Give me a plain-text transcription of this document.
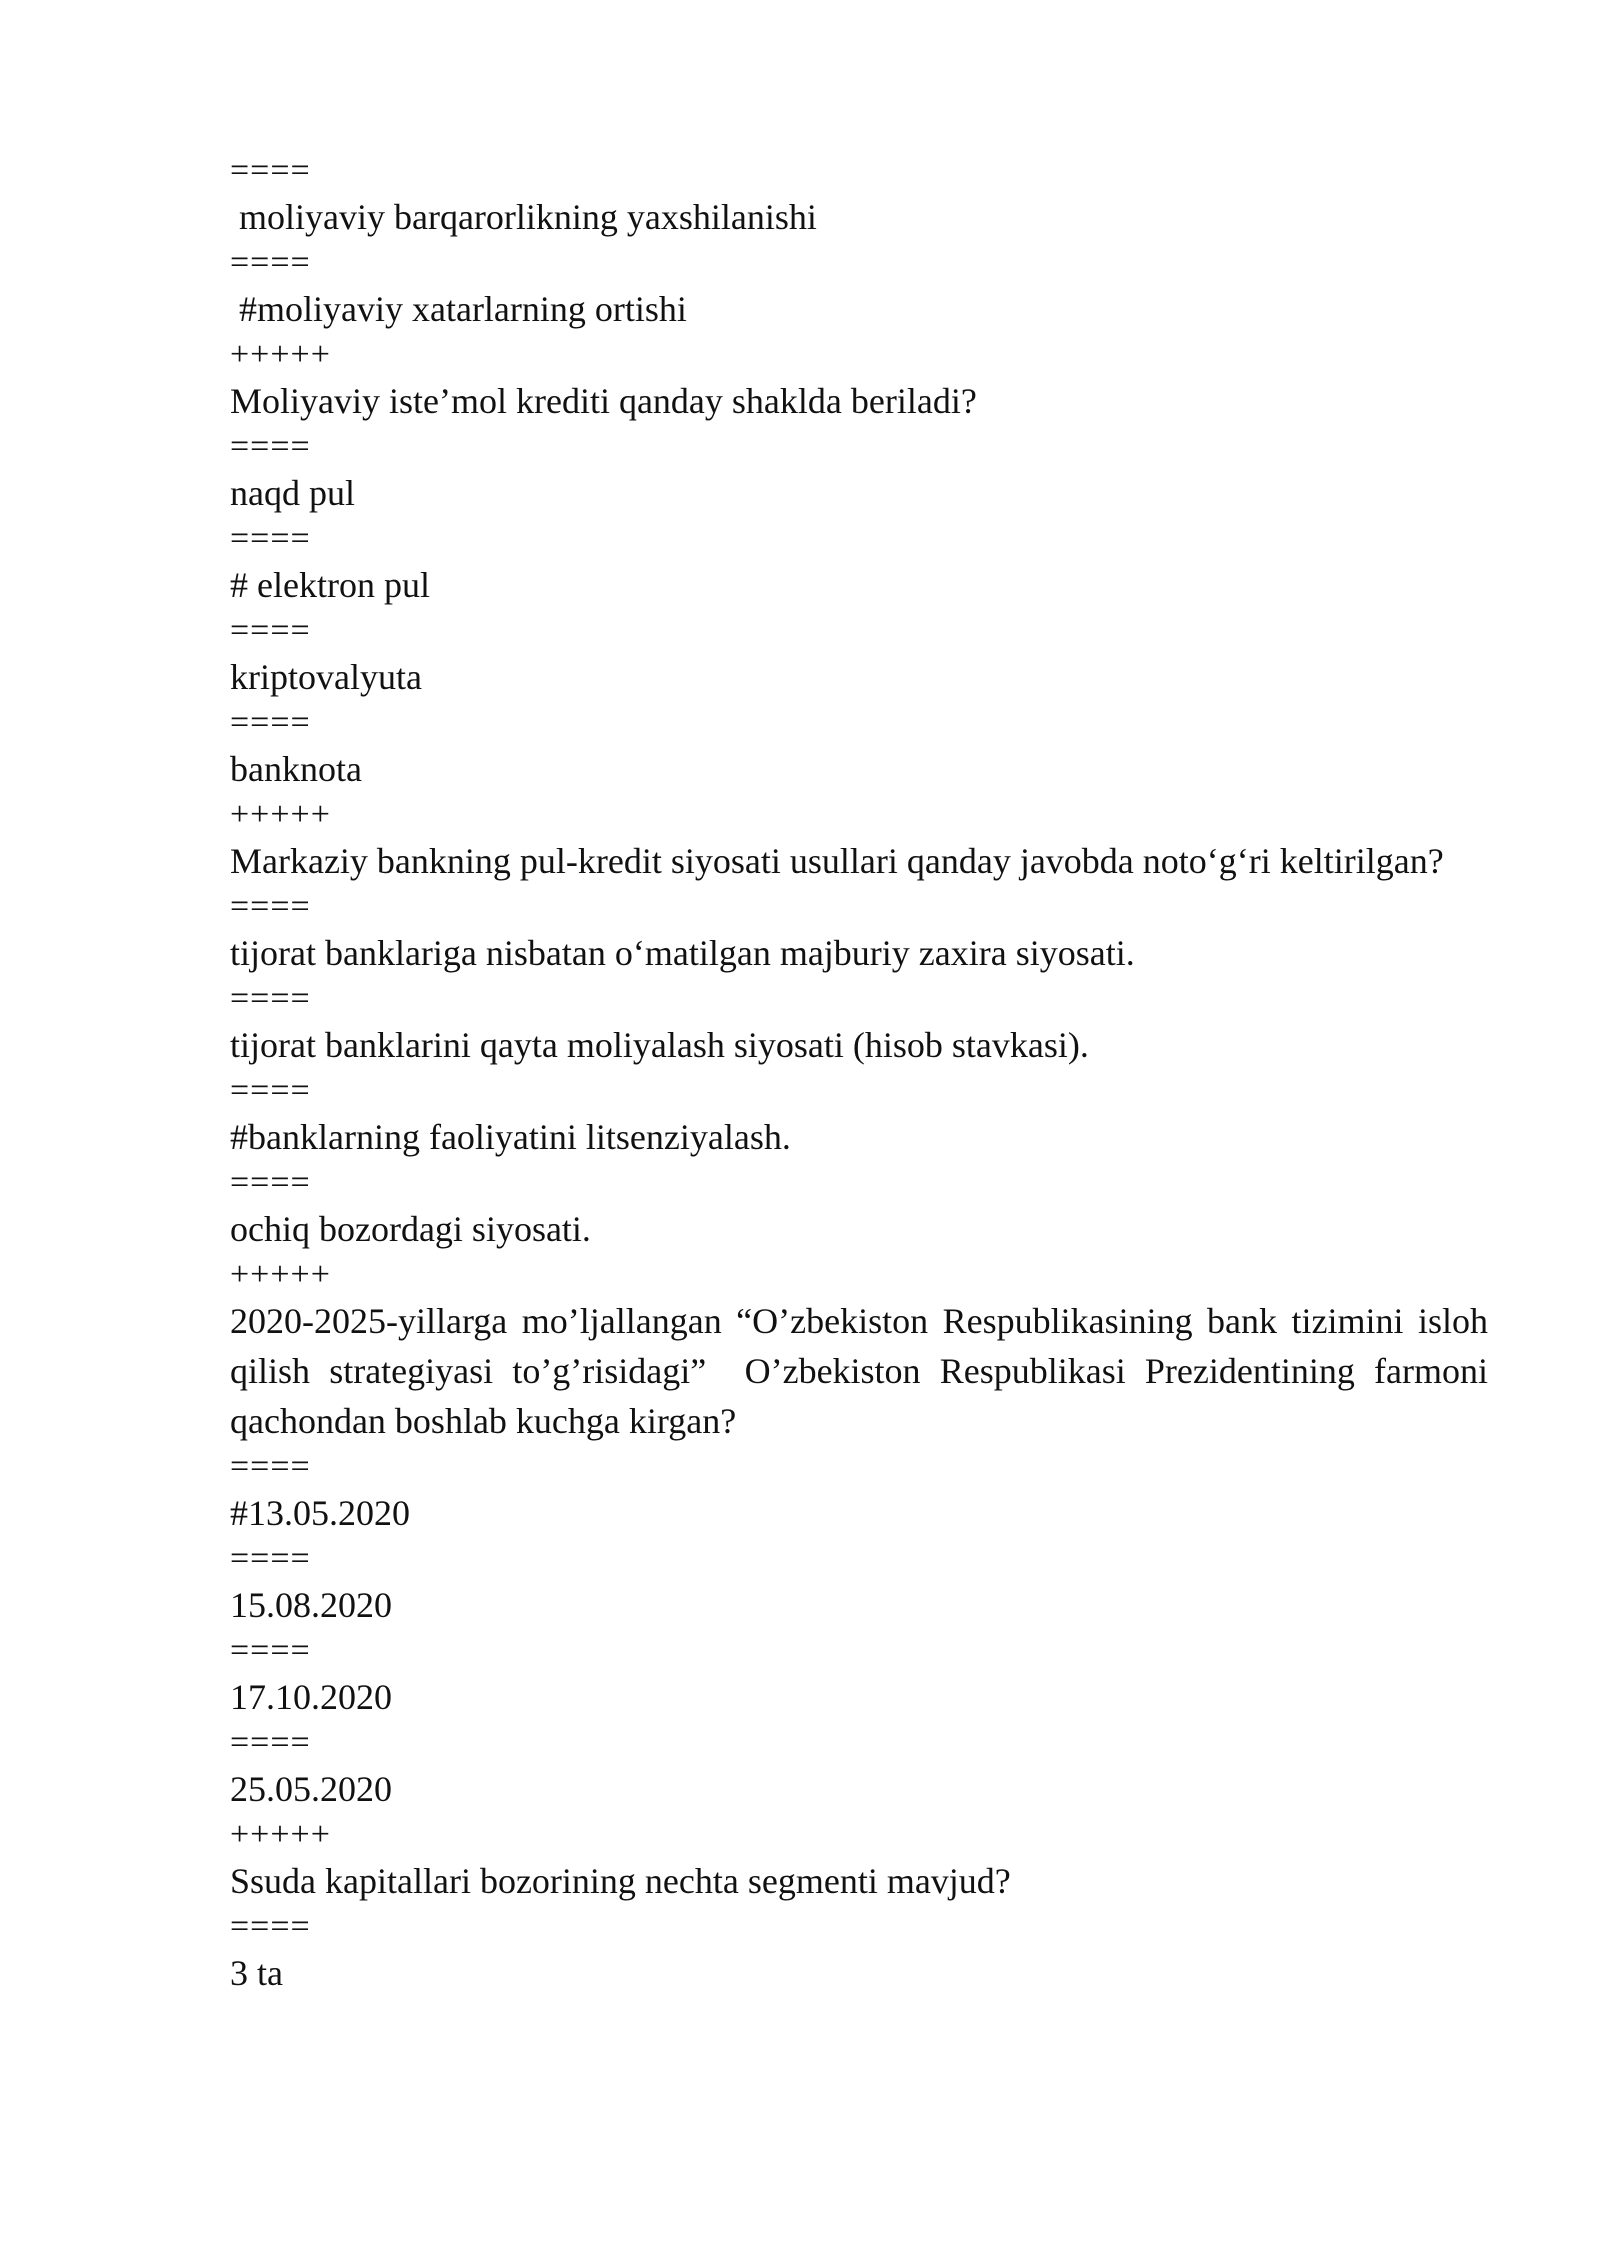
====

moliyaviy barqarorlikning yaxshilanishi

====

#moliyaviy xatarlarning ortishi

+++++

Moliyaviy iste’mol krediti qanday shaklda beriladi?

====

naqd pul

====

# elektron pul

====

kriptovalyuta

====

banknota

+++++

Markaziy bankning pul-kredit siyosati usullari qanday javobda noto‘g‘ri keltirilgan?

====

tijorat banklariga nisbatan o‘matilgan majburiy zaxira siyosati.

====

tijorat banklarini qayta moliyalash siyosati (hisob stavkasi).

====

#banklarning faoliyatini litsenziyalash.

====

ochiq bozordagi siyosati.

+++++

2020-2025-yillarga mo’ljallangan “O’zbekiston Respublikasining bank tizimini isloh qilish strategiyasi to’g’risidagi”  O’zbekiston Respublikasi Prezidentining farmoni qachondan boshlab kuchga kirgan?

====

#13.05.2020

====

15.08.2020

====

17.10.2020

====

25.05.2020

+++++

Ssuda kapitallari bozorining nechta segmenti mavjud?

====

3 ta
